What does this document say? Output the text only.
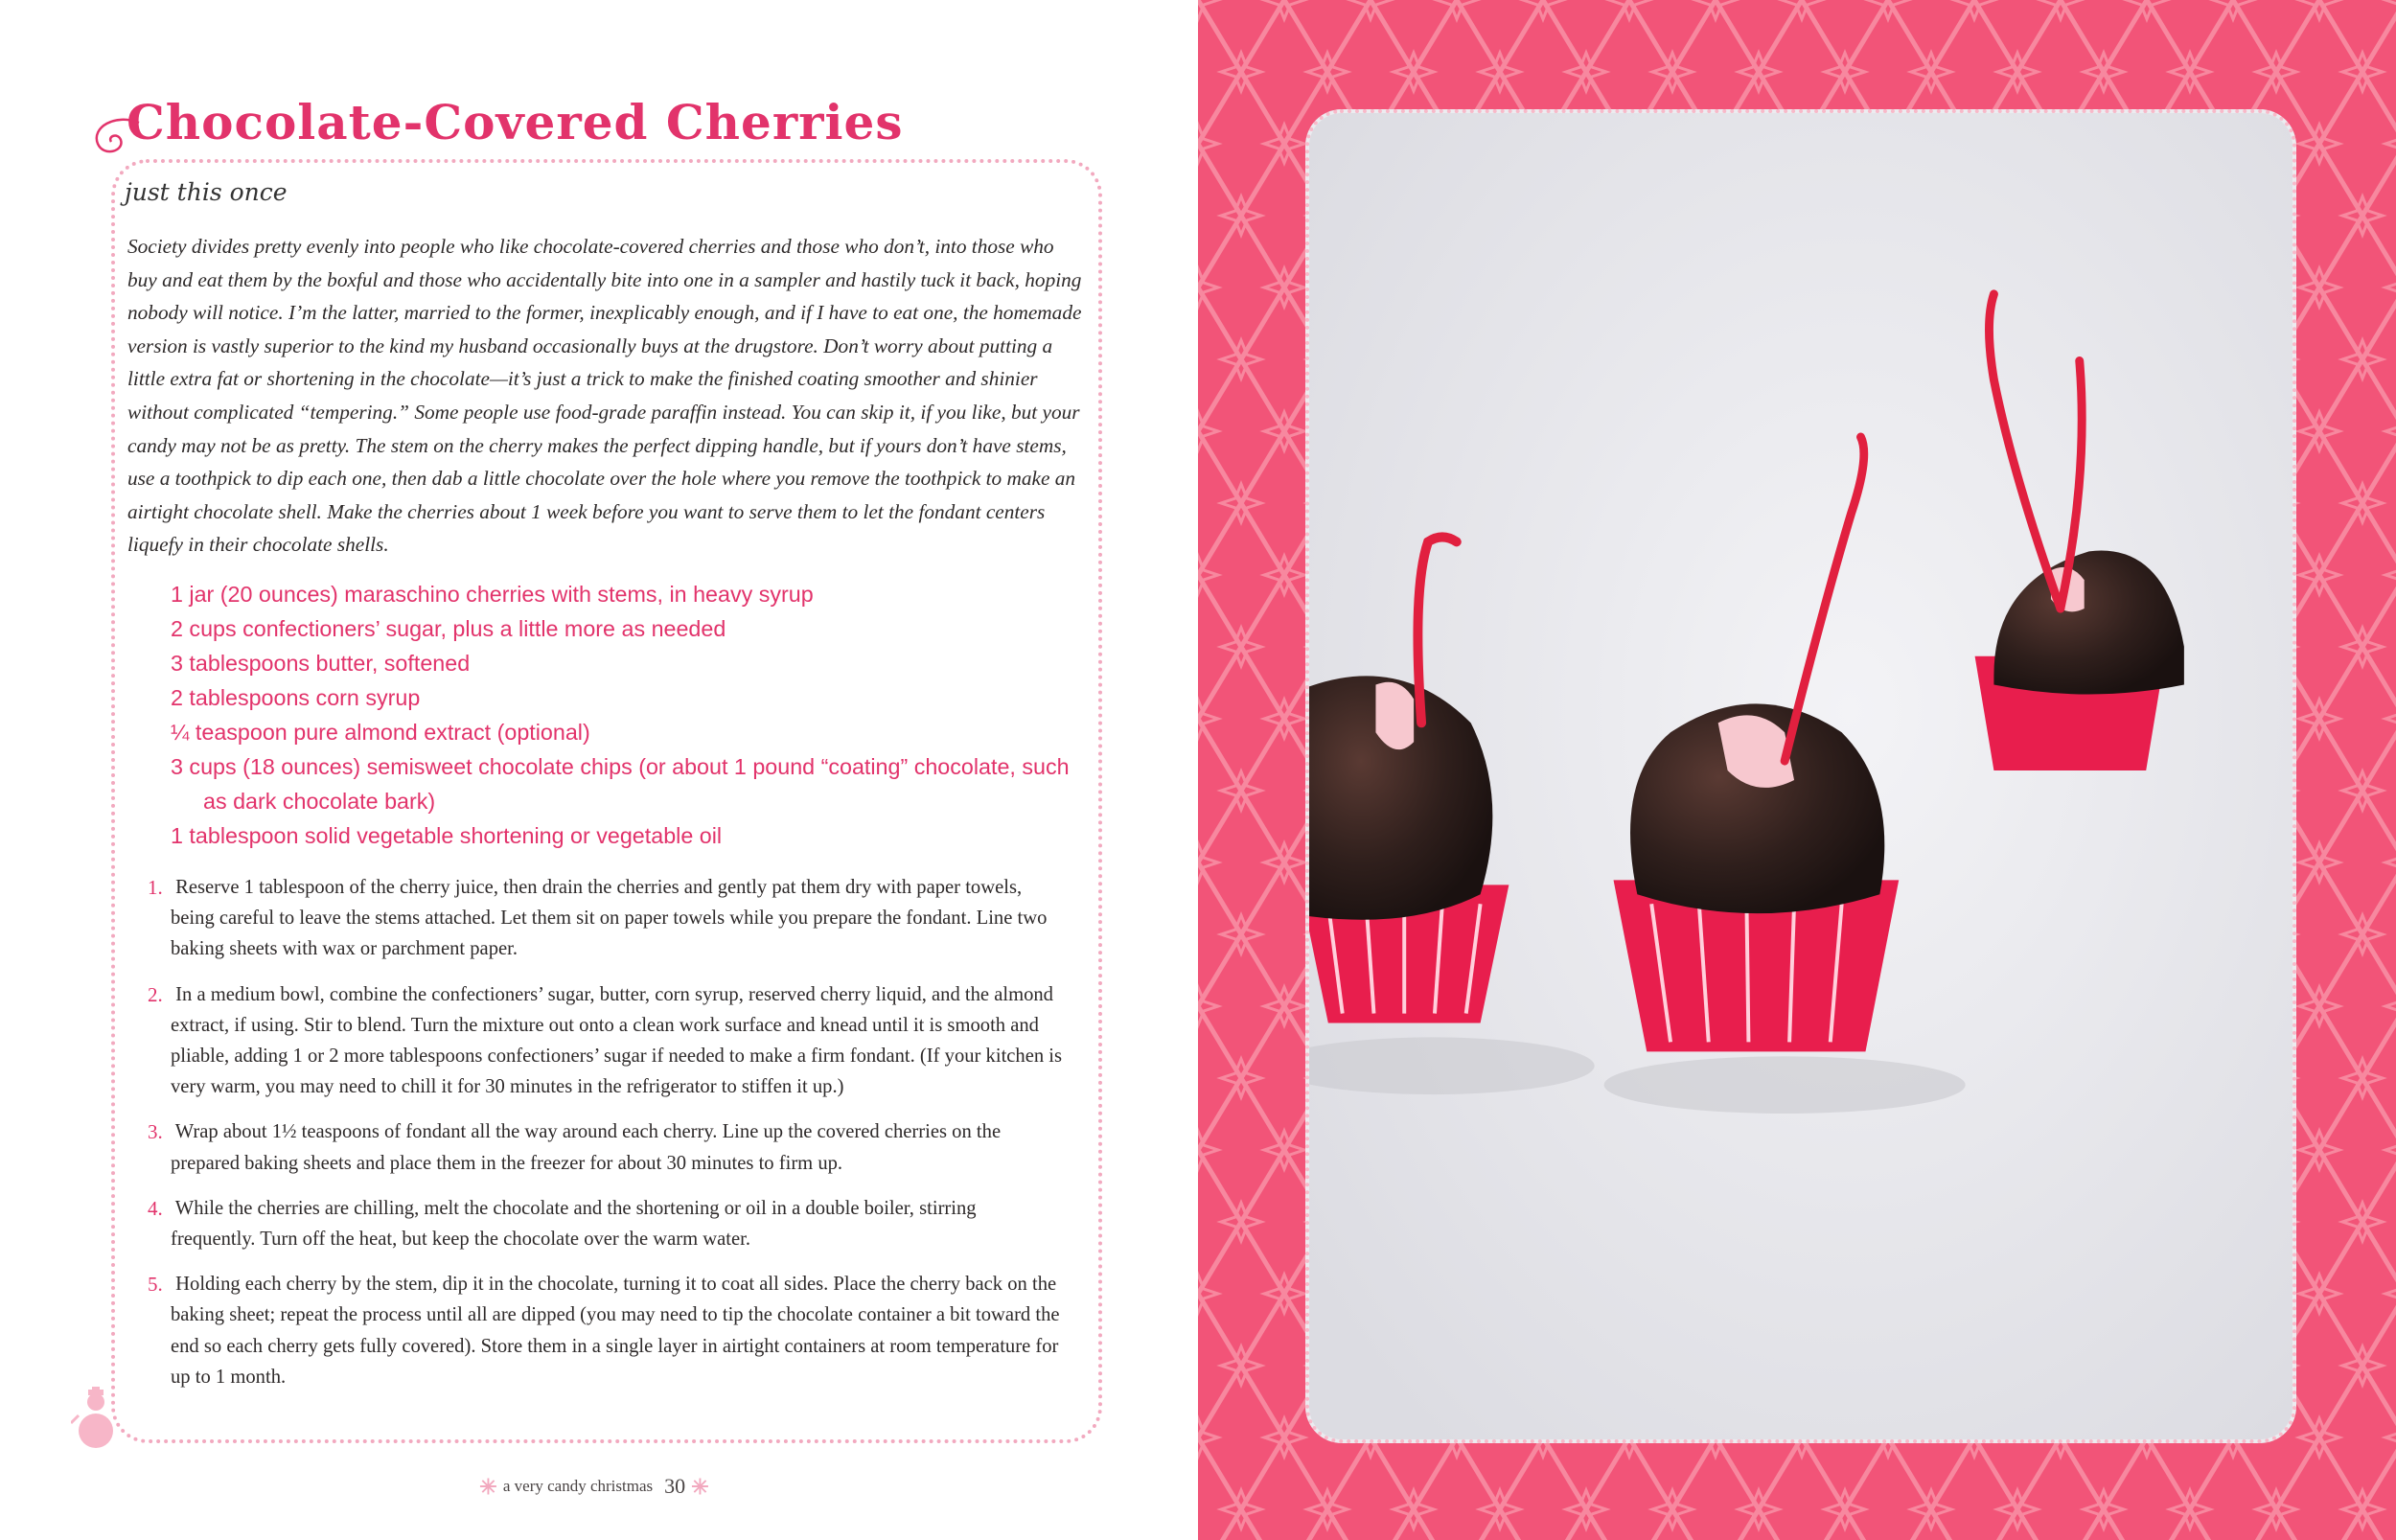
Chocolate-Covered Cherries
just this once

Society divides pretty evenly into people who like chocolate-covered cherries and those who don’t, into those who buy and eat them by the boxful and those who accidentally bite into one in a sampler and hastily tuck it back, hoping nobody will notice. I’m the latter, married to the former, inexplicably enough, and if I have to eat one, the homemade version is vastly superior to the kind my husband occasionally buys at the drugstore. Don’t worry about putting a little extra fat or shortening in the chocolate—it’s just a trick to make the finished coating smoother and shinier without complicated “tempering.” Some people use food-grade paraffin instead. You can skip it, if you like, but your candy may not be as pretty. The stem on the cherry makes the perfect dipping handle, but if yours don’t have stems, use a toothpick to dip each one, then dab a little chocolate over the hole where you remove the toothpick to make an airtight chocolate shell. Make the cherries about 1 week before you want to serve them to let the fondant centers liquefy in their chocolate shells.

1 jar (20 ounces) maraschino cherries with stems, in heavy syrup
2 cups confectioners’ sugar, plus a little more as needed
3 tablespoons butter, softened
2 tablespoons corn syrup
¼ teaspoon pure almond extract (optional)
3 cups (18 ounces) semisweet chocolate chips (or about 1 pound “coating” chocolate, such as dark chocolate bark)
1 tablespoon solid vegetable shortening or vegetable oil
1. Reserve 1 tablespoon of the cherry juice, then drain the cherries and gently pat them dry with paper towels, being careful to leave the stems attached. Let them sit on paper towels while you prepare the fondant. Line two baking sheets with wax or parchment paper.
2. In a medium bowl, combine the confectioners’ sugar, butter, corn syrup, reserved cherry liquid, and the almond extract, if using. Stir to blend. Turn the mixture out onto a clean work surface and knead until it is smooth and pliable, adding 1 or 2 more tablespoons confectioners’ sugar if needed to make a firm fondant. (If your kitchen is very warm, you may need to chill it for 30 minutes in the refrigerator to stiffen it up.)
3. Wrap about 1½ teaspoons of fondant all the way around each cherry. Line up the covered cherries on the prepared baking sheets and place them in the freezer for about 30 minutes to firm up.
4. While the cherries are chilling, melt the chocolate and the shortening or oil in a double boiler, stirring frequently. Turn off the heat, but keep the chocolate over the warm water.
5. Holding each cherry by the stem, dip it in the chocolate, turning it to coat all sides. Place the cherry back on the baking sheet; repeat the process until all are dipped (you may need to tip the chocolate container a bit toward the end so each cherry gets fully covered). Store them in a single layer in airtight containers at room temperature for up to 1 month.
a very candy christmas 30
